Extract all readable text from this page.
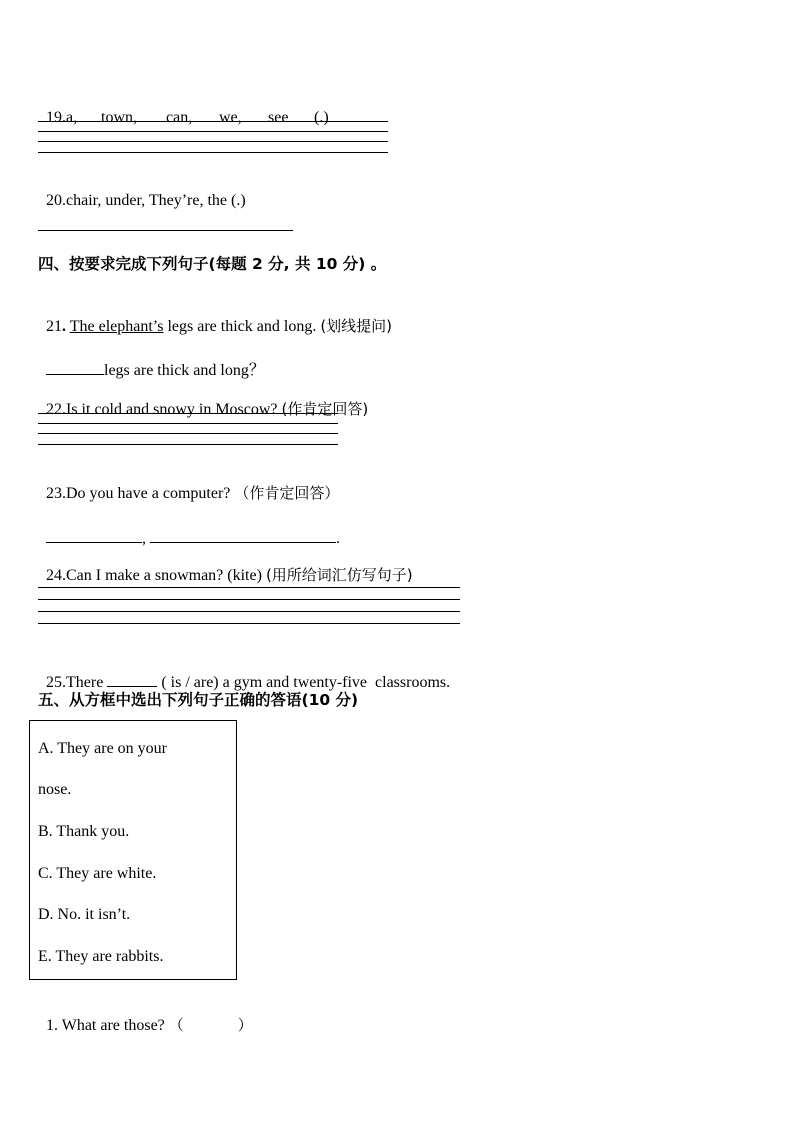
19.a, town, can, we, see (.)

20.chair, under, They’re, the (.)

四、按要求完成下列句子(每题 2 分, 共 10 分) 。

21. The elephant’s legs are thick and long. (划线提问)

legs are thick and long？

22.Is it cold and snowy in Moscow? (作肯定回答)

23.Do you have a computer? （作肯定回答）

,	.

24.Can I make a snowman? (kite) (用所给词汇仿写句子)

25.There	( is / are) a gym and twenty-five  classrooms.

五、从方框中选出下列句子正确的答语(10 分)
A. They are on your
nose.
B. Thank you.
C. They are white.
D. No. it isn’t.
E. They are rabbits.

1. What are those? （	）
